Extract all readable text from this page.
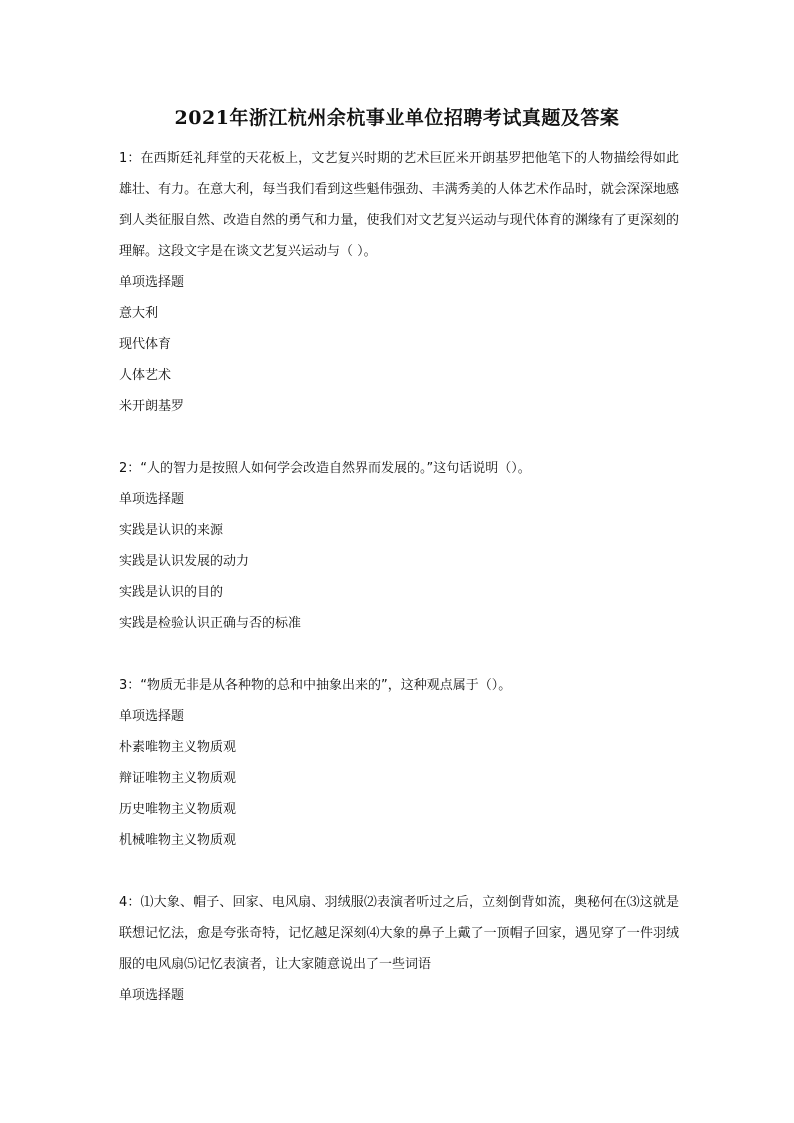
2021年浙江杭州余杭事业单位招聘考试真题及答案
1：在西斯廷礼拜堂的天花板上，文艺复兴时期的艺术巨匠米开朗基罗把他笔下的人物描绘得如此雄壮、有力。在意大利，每当我们看到这些魁伟强劲、丰满秀美的人体艺术作品时，就会深深地感到人类征服自然、改造自然的勇气和力量，使我们对文艺复兴运动与现代体育的渊缘有了更深刻的理解。这段文字是在谈文艺复兴运动与（ ）。
单项选择题
意大利
现代体育
人体艺术
米开朗基罗
2：“人的智力是按照人如何学会改造自然界而发展的。”这句话说明（）。
单项选择题
实践是认识的来源
实践是认识发展的动力
实践是认识的目的
实践是检验认识正确与否的标准
3：“物质无非是从各种物的总和中抽象出来的”，这种观点属于（）。
单项选择题
朴素唯物主义物质观
辩证唯物主义物质观
历史唯物主义物质观
机械唯物主义物质观
4：⑴大象、帽子、回家、电风扇、羽绒服⑵表演者听过之后，立刻倒背如流，奥秘何在⑶这就是联想记忆法，愈是夸张奇特，记忆越足深刻⑷大象的鼻子上戴了一顶帽子回家，遇见穿了一件羽绒服的电风扇⑸记忆表演者，让大家随意说出了一些词语
单项选择题
